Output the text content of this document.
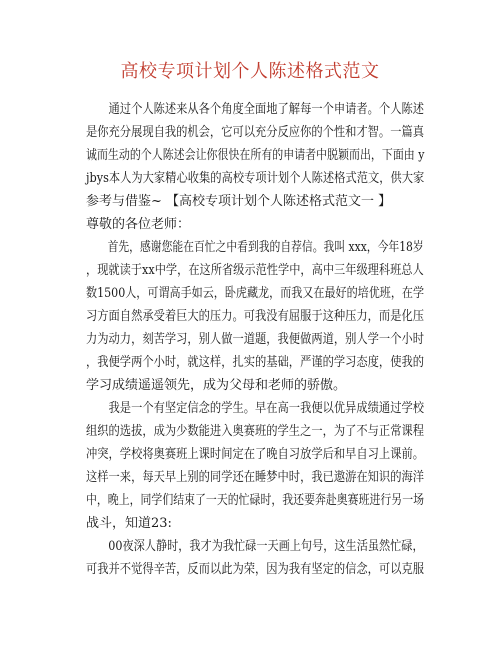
高校专项计划个人陈述格式范文
　　通过个人陈述来从各个角度全面地了解每一个申请者。个人陈述
是你充分展现自我的机会，它可以充分反应你的个性和才智。一篇真
诚而生动的个人陈述会让你很快在所有的申请者中脱颖而出，下面由 y
jbys本人为大家精心收集的高校专项计划个人陈述格式范文，供大家
参考与借鉴~ 【高校专项计划个人陈述格式范文一 】
尊敬的各位老师：
　　首先，感谢您能在百忙之中看到我的自荐信。我叫 xxx，今年18岁
，现就读于xx中学，在这所省级示范性学中，高中三年级理科班总人
数1500人，可谓高手如云，卧虎藏龙，而我又在最好的培优班，在学
习方面自然承受着巨大的压力。可我没有屈服于这种压力，而是化压
力为动力，刻苦学习，别人做一道题，我便做两道，别人学一个小时
，我便学两个小时，就这样，扎实的基础，严谨的学习态度，使我的
学习成绩遥遥领先，成为父母和老师的骄傲。
　　我是一个有坚定信念的学生。早在高一我便以优异成绩通过学校
组织的选拔，成为少数能进入奥赛班的学生之一，为了不与正常课程
冲突，学校将奥赛班上课时间定在了晚自习放学后和早自习上课前。
这样一来，每天早上别的同学还在睡梦中时，我已遨游在知识的海洋
中，晚上，同学们结束了一天的忙碌时，我还要奔赴奥赛班进行另一场
战斗，知道23:
　　00夜深人静时，我才为我忙碌一天画上句号，这生活虽然忙碌，
可我并不觉得辛苦，反而以此为荣，因为我有坚定的信念，可以克服
